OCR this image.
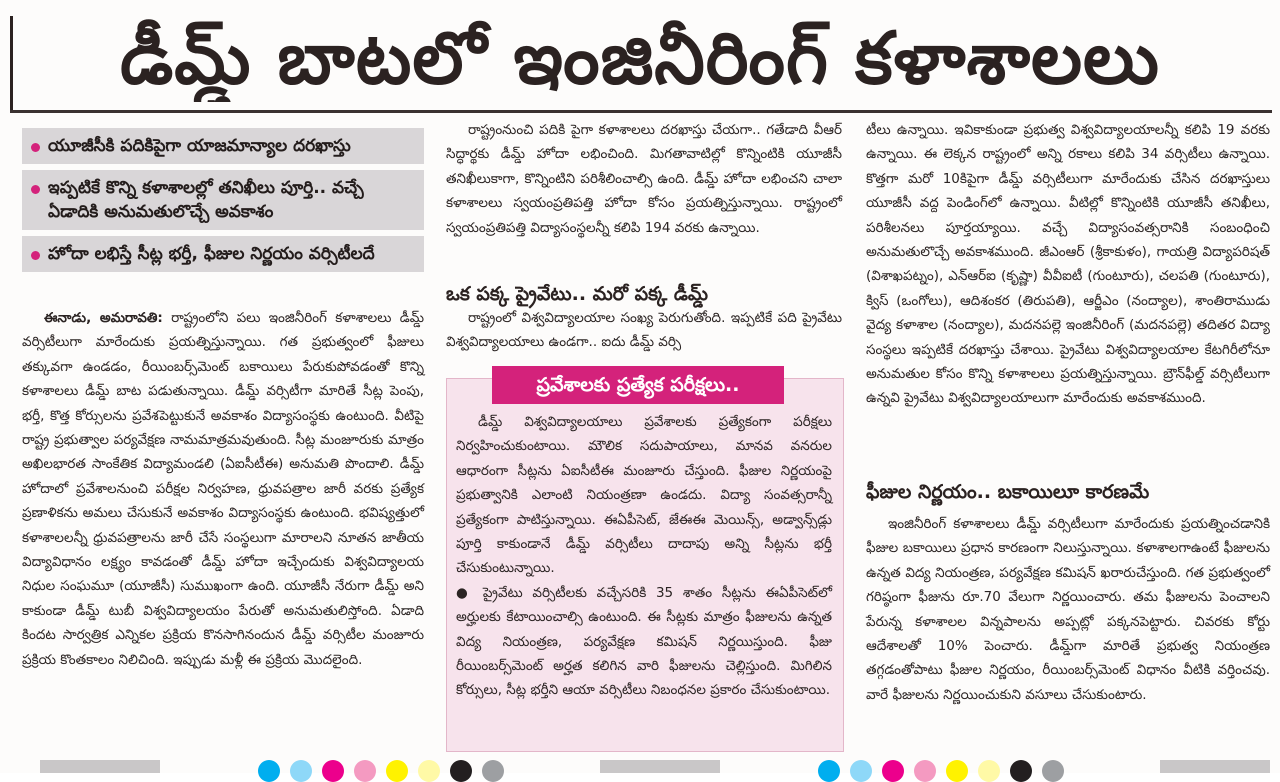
డీమ్డ్ బాటలో ఇంజినీరింగ్ కళాశాలలు
యూజీసీకి పదికిపైగా యాజమాన్యాల దరఖాస్తు
ఇప్పటికే కొన్ని కళాశాలల్లో తనిఖీలు పూర్తి.. వచ్చే ఏడాదికి అనుమతులొచ్చే అవకాశం
హోదా లభిస్తే సీట్ల భర్తీ, ఫీజుల నిర్ణయం వర్సిటీలదే

ఈనాడు, అమరావతి: రాష్ట్రంలోని పలు ఇంజినీరింగ్ కళాశాలలు డీమ్డ్ వర్సిటీలుగా మారేందుకు ప్రయత్నిస్తున్నాయి. గత ప్రభుత్వంలో ఫీజులు తక్కువగా ఉండడం, రీయింబర్స్‌మెంట్ బకాయిలు పేరుకుపోవడంతో కొన్ని కళాశాలలు డీమ్డ్ బాట పడుతున్నాయి. డీమ్డ్ వర్సిటీగా మారితే సీట్ల పెంపు, భర్తీ, కొత్త కోర్సులను ప్రవేశపెట్టుకునే అవకాశం విద్యాసంస్థకు ఉంటుంది. వీటిపై రాష్ట్ర ప్రభుత్వాల పర్యవేక్షణ నామమాత్రమవుతుంది. సీట్ల మంజూరుకు మాత్రం అఖిలభారత సాంకేతిక విద్యామండలి (ఏఐసీటీఈ) అనుమతి పొందాలి. డీమ్డ్ హోదాలో ప్రవేశాలనుంచి పరీక్షల నిర్వహణ, ధ్రువపత్రాల జారీ వరకు ప్రత్యేక ప్రణాళికను అమలు చేసుకునే అవకాశం విద్యాసంస్థకు ఉంటుంది. భవిష్యత్తులో కళాశాలలన్నీ ధ్రువపత్రాలను జారీ చేసే సంస్థలుగా మారాలని నూతన జాతీయ విద్యావిధానం లక్ష్యం కావడంతో డీమ్డ్ హోదా ఇచ్చేందుకు విశ్వవిద్యాలయ నిధుల సంఘమూ (యూజీసీ) సుముఖంగా ఉంది. యూజీసీ నేరుగా డీమ్డ్ అని కాకుండా డీమ్డ్ టుబీ విశ్వవిద్యాలయం పేరుతో అనుమతులిస్తోంది. ఏడాది కిందట సార్వత్రిక ఎన్నికల ప్రక్రియ కొనసాగినందున డీమ్డ్ వర్సిటీల మంజూరు ప్రక్రియ కొంతకాలం నిలిచింది. ఇప్పుడు మళ్లీ ఈ ప్రక్రియ మొదలైంది.

రాష్ట్రంనుంచి పదికి పైగా కళాశాలలు దరఖాస్తు చేయగా.. గతేడాది వీఆర్ సిద్ధార్థకు డీమ్డ్ హోదా లభించింది. మిగతావాటిల్లో కొన్నింటికి యూజీసీ తనిఖీలుకాగా, కొన్నింటిని పరిశీలించాల్సి ఉంది. డీమ్డ్ హోదా లభించని చాలా కళాశాలలు స్వయంప్రతిపత్తి హోదా కోసం ప్రయత్నిస్తున్నాయి. రాష్ట్రంలో స్వయంప్రతిపత్తి విద్యాసంస్థలన్నీ కలిపి 194 వరకు ఉన్నాయి.

ఒక పక్క ప్రైవేటు.. మరో పక్క డీమ్డ్

రాష్ట్రంలో విశ్వవిద్యాలయాల సంఖ్య పెరుగుతోంది. ఇప్పటికే పది ప్రైవేటు విశ్వవిద్యాలయాలు ఉండగా.. ఐదు డీమ్డ్ వర్సి

ప్రవేశాలకు ప్రత్యేక పరీక్షలు..

డీమ్డ్ విశ్వవిద్యాలయాలు ప్రవేశాలకు ప్రత్యేకంగా పరీక్షలు నిర్వహించుకుంటాయి. మౌలిక సదుపాయాలు, మానవ వనరుల ఆధారంగా సీట్లను ఏఐసీటీఈ మంజూరు చేస్తుంది. ఫీజుల నిర్ణయంపై ప్రభుత్వానికి ఎలాంటి నియంత్రణా ఉండదు. విద్యా సంవత్సరాన్నీ ప్రత్యేకంగా పాటిస్తున్నాయి. ఈఏపీసెట్, జేఈఈ మెయిన్స్, అడ్వాన్స్‌డ్లు పూర్తి కాకుండానే డీమ్డ్ వర్సిటీలు దాదాపు అన్ని సీట్లను భర్తీ చేసుకుంటున్నాయి.

● ప్రైవేటు వర్సిటీలకు వచ్చేసరికి 35 శాతం సీట్లను ఈఏపీసెట్‌లో అర్హులకు కేటాయించాల్సి ఉంటుంది. ఈ సీట్లకు మాత్రం ఫీజులను ఉన్నత విద్య నియంత్రణ, పర్యవేక్షణ కమిషన్ నిర్ణయిస్తుంది. ఫీజు రీయింబర్స్‌మెంట్ అర్హత కలిగిన వారి ఫీజులను చెల్లిస్తుంది. మిగిలిన కోర్సులు, సీట్ల భర్తీని ఆయా వర్సిటీలు నిబంధనల ప్రకారం చేసుకుంటాయి.

టీలు ఉన్నాయి. ఇవికాకుండా ప్రభుత్వ విశ్వవిద్యాలయాలన్నీ కలిపి 19 వరకు ఉన్నాయి. ఈ లెక్కన రాష్ట్రంలో అన్ని రకాలు కలిపి 34 వర్సిటీలు ఉన్నాయి. కొత్తగా మరో 10కిపైగా డీమ్డ్ వర్సిటీలుగా మారేందుకు చేసిన దరఖాస్తులు యూజీసీ వద్ద పెండింగ్‌లో ఉన్నాయి. వీటిల్లో కొన్నింటికి యూజీసీ తనిఖీలు, పరిశీలనలు పూర్తయ్యాయి. వచ్చే విద్యాసంవత్సరానికి సంబంధించి అనుమతులొచ్చే అవకాశముంది. జీఎంఆర్ (శ్రీకాకుళం), గాయత్రి విద్యాపరిషత్ (విశాఖపట్నం), ఎన్‌ఆర్ఐ (కృష్ణా) వీవీఐటీ (గుంటూరు), చలపతి (గుంటూరు), క్విస్ (ఒంగోలు), ఆదిశంకర (తిరుపతి), ఆర్జీఎం (నంద్యాల), శాంతిరాముడు వైద్య కళాశాల (నంద్యాల), మదనపల్లె ఇంజినీరింగ్ (మదనపల్లె) తదితర విద్యా సంస్థలు ఇప్పటికే దరఖాస్తు చేశాయి. ప్రైవేటు విశ్వవిద్యాలయాల కేటగిరీలోనూ అనుమతుల కోసం కొన్ని కళాశాలలు ప్రయత్నిస్తున్నాయి. బ్రౌన్‌ఫీల్డ్ వర్సిటీలుగా ఉన్నవి ప్రైవేటు విశ్వవిద్యాలయాలుగా మారేందుకు అవకాశముంది.

ఫీజుల నిర్ణయం.. బకాయిలూ కారణమే

ఇంజినీరింగ్ కళాశాలలు డీమ్డ్ వర్సిటీలుగా మారేందుకు ప్రయత్నించడానికి ఫీజుల బకాయిలు ప్రధాన కారణంగా నిలుస్తున్నాయి. కళాశాలగాఉంటే ఫీజులను ఉన్నత విద్య నియంత్రణ, పర్యవేక్షణ కమిషన్ ఖరారుచేస్తుంది. గత ప్రభుత్వంలో గరిష్ఠంగా ఫీజును రూ.70 వేలుగా నిర్ణయించారు. తమ ఫీజులను పెంచాలని పేరున్న కళాశాలల విన్నపాలను అప్పట్లో పక్కనపెట్టారు. చివరకు కోర్టు ఆదేశాలతో 10% పెంచారు. డీమ్డ్‌గా మారితే ప్రభుత్వ నియంత్రణ తగ్గడంతోపాటు ఫీజుల నిర్ణయం, రీయింబర్స్‌మెంట్ విధానం వీటికి వర్తించవు. వారే ఫీజులను నిర్ణయించుకుని వసూలు చేసుకుంటారు.
